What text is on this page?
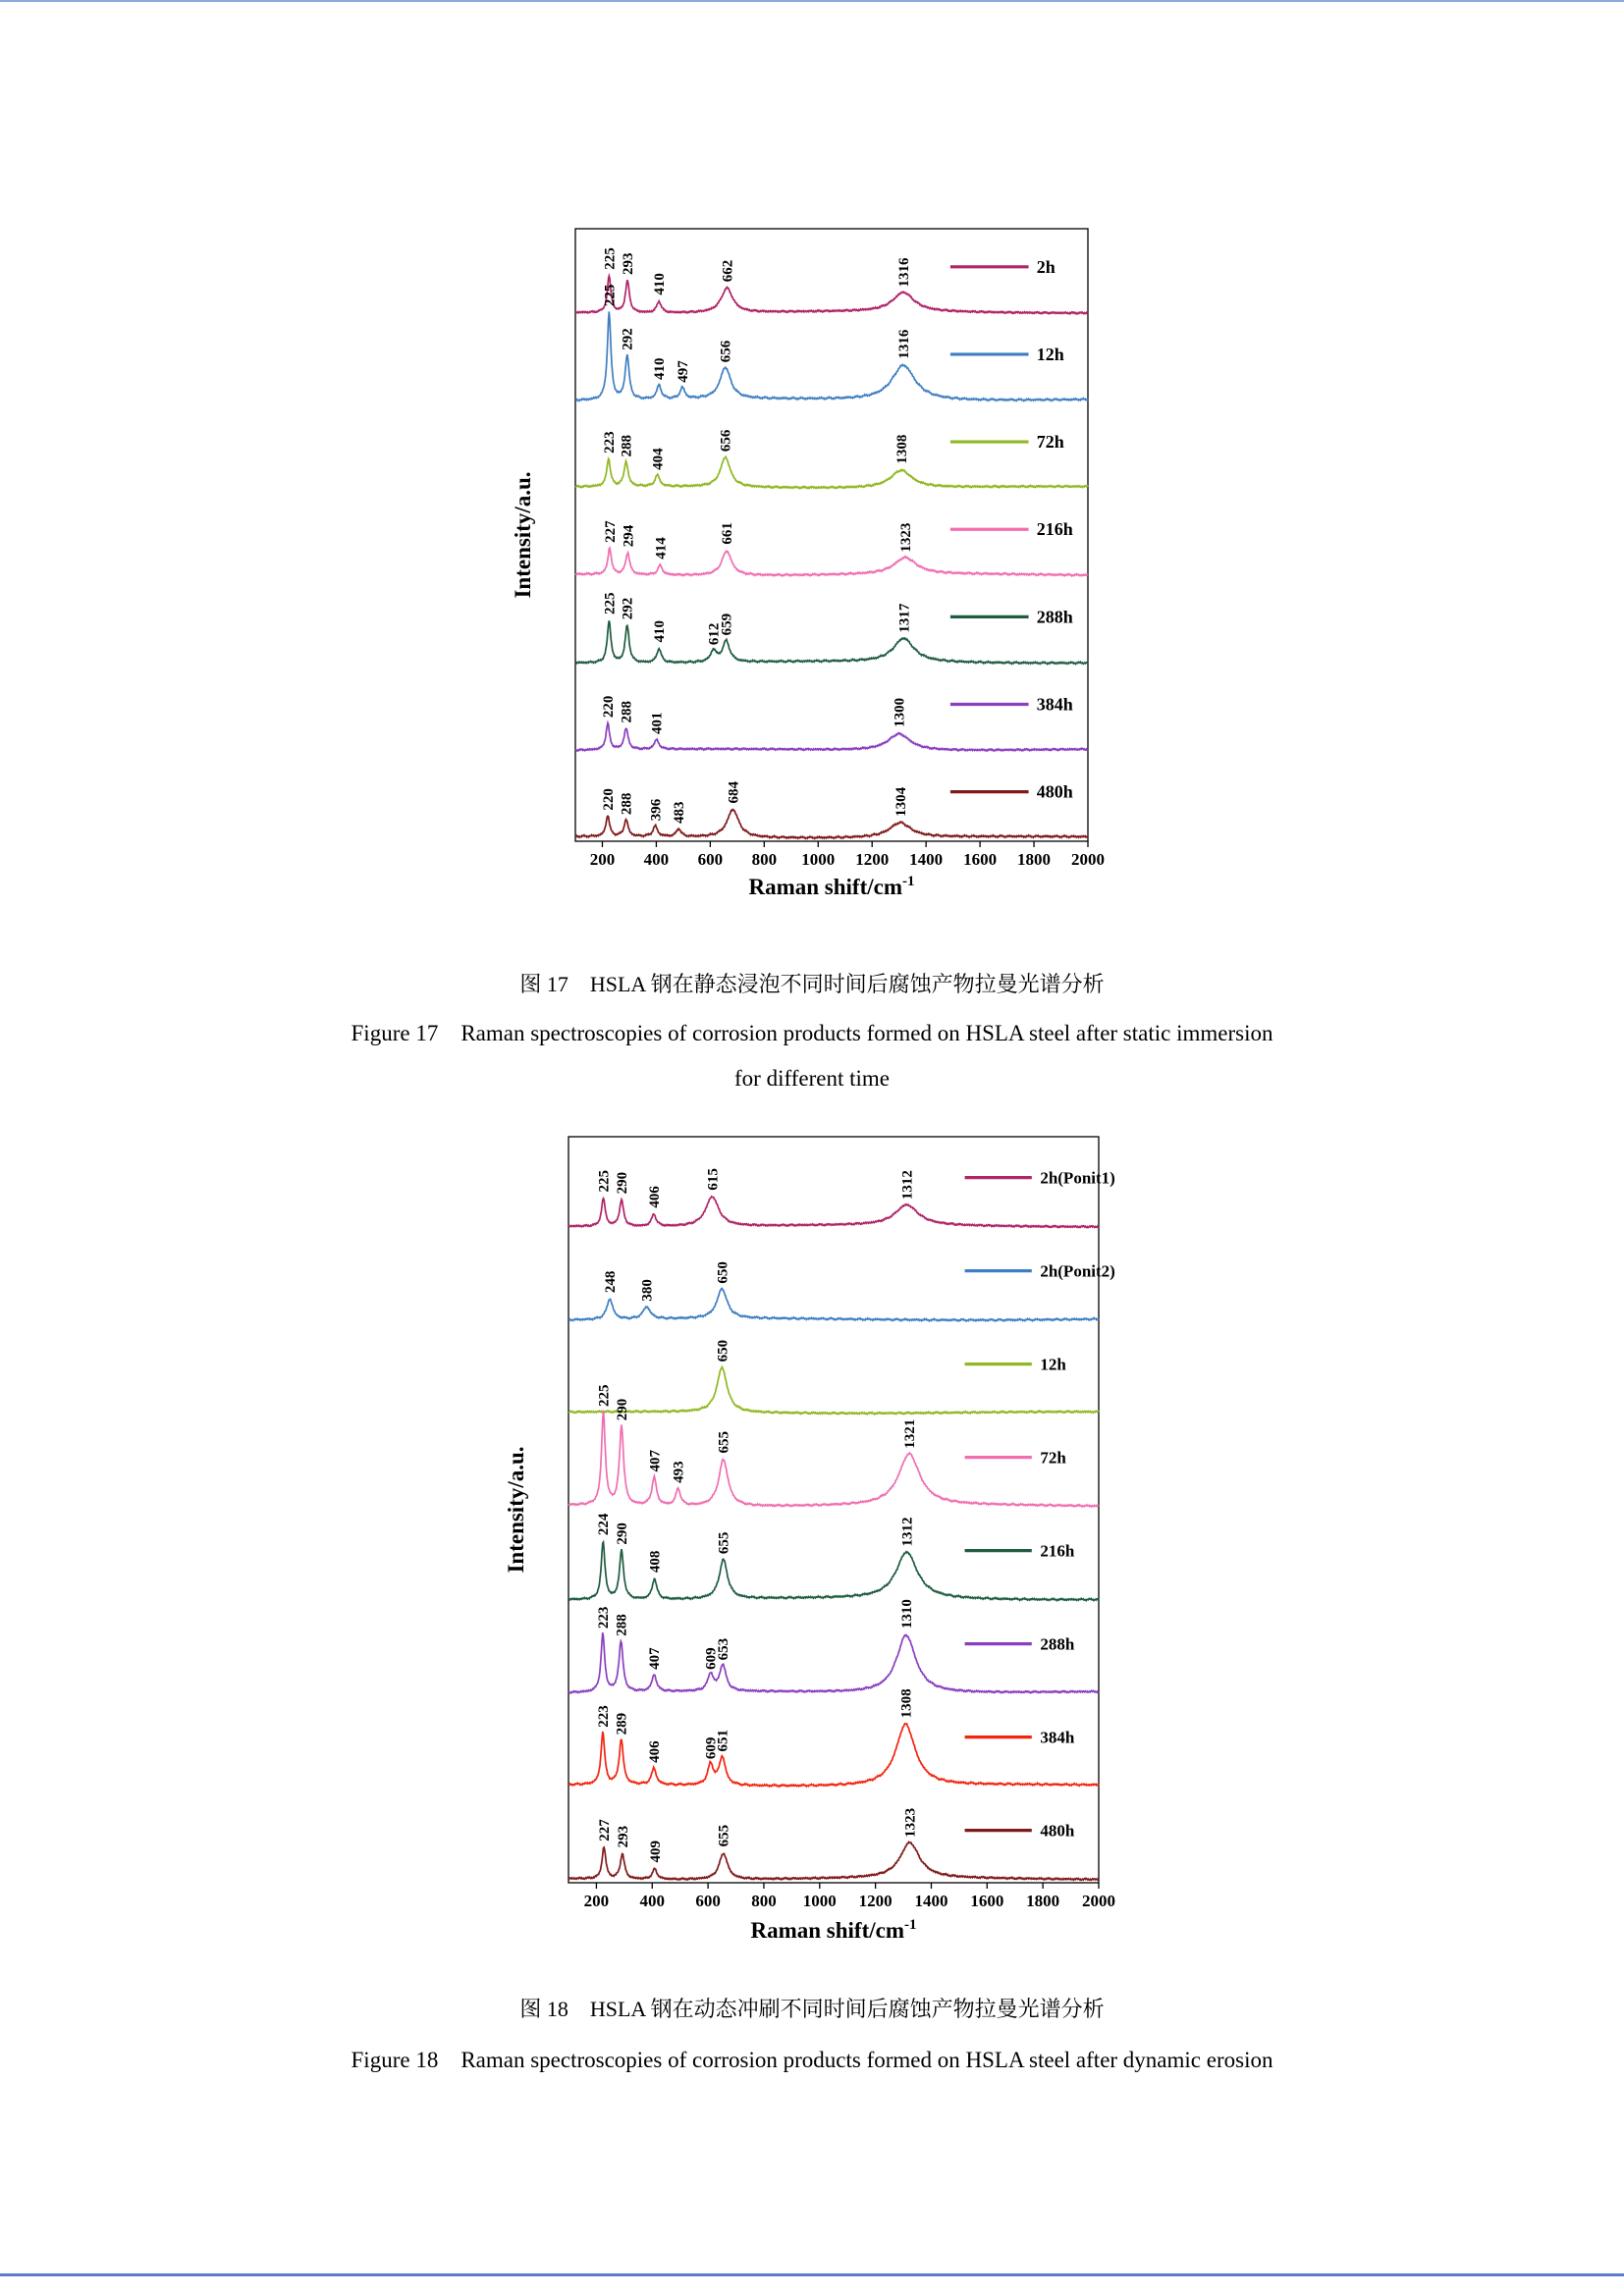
200 400 600 800 1000 1200 1400 1600 1800 2000
Raman shift/$cm^{-1}$
Intensity/a.u.
225 293
410
662	1316	2h
225
292
410 497
656	1316	12h
223 288
404
656	1308	72h
227 294
414
661	1323	216h
225 292
410	612
659	1317	288h
220 288
401	1300	384h
220 288 396 483
684	1304	480h
图 17　HSLA 钢在静态浸泡不同时间后腐蚀产物拉曼光谱分析
Figure 17    Raman spectroscopies of corrosion products formed on HSLA steel after static immersion
for different time
200 400 600 800 1000 1200 1400 1600 1800 2000
Raman shift/$cm^{-1}$
Intensity/a.u.
225 290
406
615	1312	2h(Ponit1)
248 380
650	2h(Ponit2)
650
12h
225
290
407
493
655	1321
72h
224 290
408
655	1312
216h
223 288
407	609
653
1310
288h
223 289
406	609
651
1308
384h
227 293
409
655	1323	480h
图 18　HSLA 钢在动态冲刷不同时间后腐蚀产物拉曼光谱分析
Figure 18    Raman spectroscopies of corrosion products formed on HSLA steel after dynamic erosion
